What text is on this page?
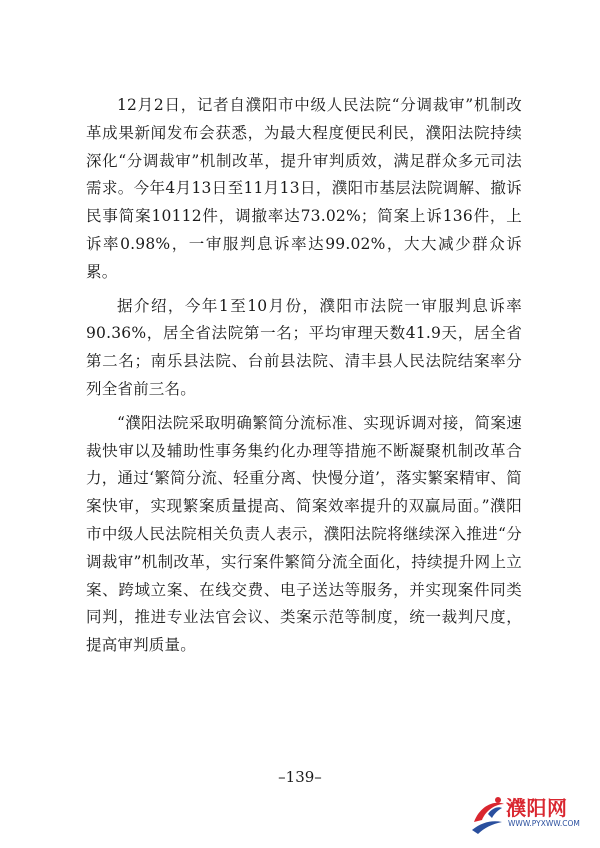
12月2日，记者自濮阳市中级人民法院“分调裁审”机制改革成果新闻发布会获悉，为最大程度便民利民，濮阳法院持续深化“分调裁审”机制改革，提升审判质效，满足群众多元司法需求。今年4月13日至11月13日，濮阳市基层法院调解、撤诉民事简案10112件，调撤率达73.02%；简案上诉136件，上诉率0.98%，一审服判息诉率达99.02%，大大减少群众诉累。

据介绍，今年1至10月份，濮阳市法院一审服判息诉率90.36%，居全省法院第一名；平均审理天数41.9天，居全省第二名；南乐县法院、台前县法院、清丰县人民法院结案率分列全省前三名。

“濮阳法院采取明确繁简分流标准、实现诉调对接，简案速裁快审以及辅助性事务集约化办理等措施不断凝聚机制改革合力，通过‘繁简分流、轻重分离、快慢分道’，落实繁案精审、简案快审，实现繁案质量提高、简案效率提升的双赢局面。”濮阳市中级人民法院相关负责人表示，濮阳法院将继续深入推进“分调裁审”机制改革，实行案件繁简分流全面化，持续提升网上立案、跨域立案、在线交费、电子送达等服务，并实现案件同类同判，推进专业法官会议、类案示范等制度，统一裁判尺度，提高审判质量。

–139–
濮阳网
WWW.PYXWW.COM
